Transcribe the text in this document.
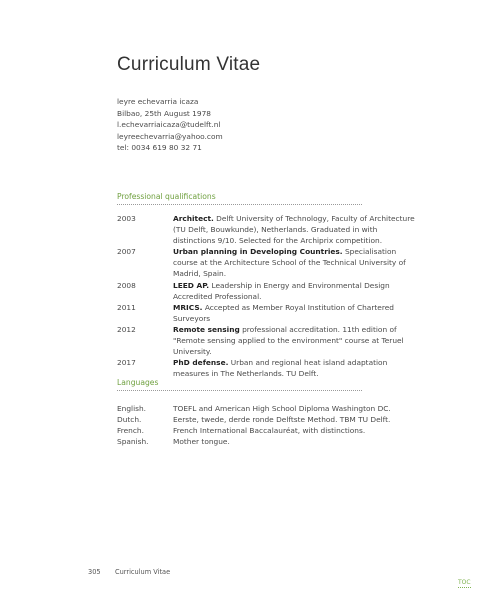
Curriculum Vitae
leyre echevarria icaza
Bilbao, 25th August 1978
l.echevarriaicaza@tudelft.nl
leyreechevarria@yahoo.com
tel: 0034 619 80 32 71
Professional qualifications
2003	Architect. Delft University of Technology, Faculty of Architecture (TU Delft, Bouwkunde), Netherlands. Graduated in with distinctions 9/10. Selected for the Archiprix competition.
2007	Urban planning in Developing Countries. Specialisation course at the Architecture School of the Technical University of Madrid, Spain.
2008	LEED AP. Leadership in Energy and Environmental Design Accredited Professional.
2011	MRICS. Accepted as Member Royal Institution of Chartered Surveyors
2012	Remote sensing professional accreditation. 11th edition of "Remote sensing applied to the environment" course at Teruel University.
2017	PhD defense. Urban and regional heat island adaptation measures in The Netherlands. TU Delft.
Languages
English.	TOEFL and American High School Diploma Washington DC.
Dutch.	Eerste, twede, derde ronde Delftste Method. TBM TU Delft.
French.	French International Baccalauréat, with distinctions.
Spanish.	Mother tongue.
305 Curriculum Vitae
TOC
